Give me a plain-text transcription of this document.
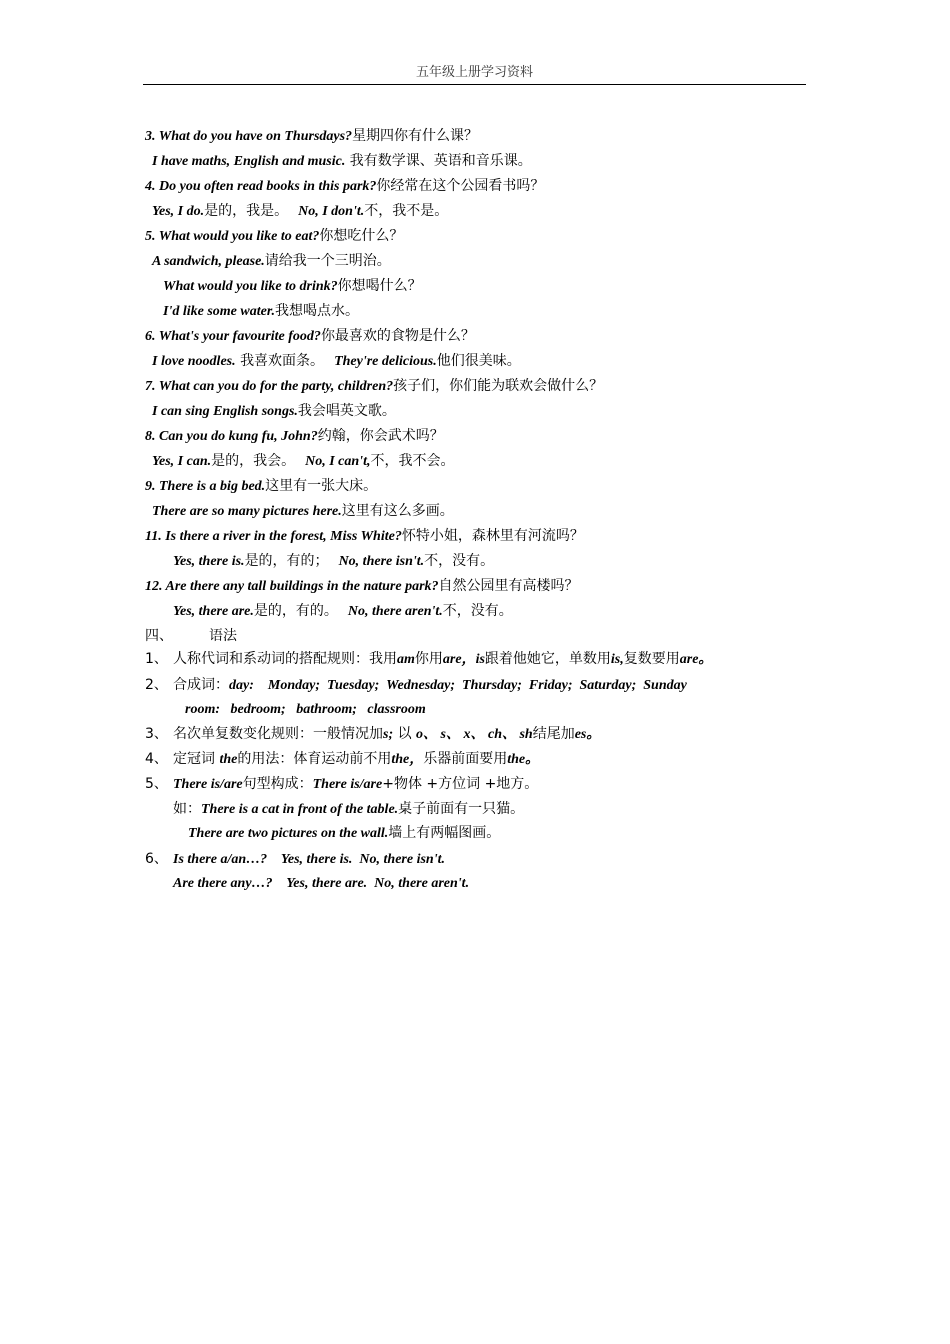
五年级上册学习资料
3. What do you have on Thursdays?星期四你有什么课？
I have maths, English and music. 我有数学课、英语和音乐课。
4. Do you often read books in this park?你经常在这个公园看书吗？
Yes, I do.是的，我是。 No, I don't.不，我不是。
5. What would you like to eat?你想吃什么？
A sandwich, please.请给我一个三明治。
What would you like to drink?你想喝什么？
I'd like some water.我想喝点水。
6. What's your favourite food?你最喜欢的食物是什么？
I love noodles. 我喜欢面条。 They're delicious.他们很美味。
7. What can you do for the party, children?孩子们，你们能为联欢会做什么？
I can sing English songs.我会唱英文歌。
8. Can you do kung fu, John?约翰，你会武术吗？
Yes, I can.是的，我会。 No, I can't,不，我不会。
9. There is a big bed.这里有一张大床。
There are so many pictures here.这里有这么多画。
11. Is there a river in the forest, Miss White?怀特小姐，森林里有河流吗？
Yes, there is.是的，有的； No, there isn't.不，没有。
12. Are there any tall buildings in the nature park?自然公园里有高楼吗？
Yes, there are.是的，有的。 No, there aren't.不，没有。
四、	语法
1、 人称代词和系动词的搭配规则：我用am你用are，is跟着他她它，单数用is,复数要用are。
2、 合成词：day:    Monday;  Tuesday;  Wednesday;  Thursday;  Friday;  Saturday;  Sunday
room:   bedroom;   bathroom;   classroom
3、 名次单复数变化规则：一般情况加s; 以 o、 s、 x、 ch、 sh结尾加es。
4、 定冠词 the的用法：体育运动前不用the，乐器前面要用the。
5、 There is/are句型构成：There is/are+物体 +方位词 +地方。
如：There is a cat in front of the table.桌子前面有一只猫。
There are two pictures on the wall.墙上有两幅图画。
6、 Is there a/an…?    Yes, there is.  No, there isn't.
Are there any…?    Yes, there are.  No, there aren't.
